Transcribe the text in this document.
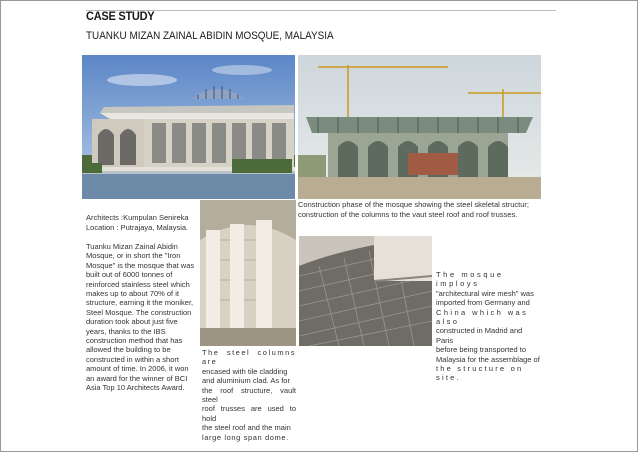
CASE STUDY
TUANKU MIZAN ZAINAL ABIDIN MOSQUE, MALAYSIA
Architects :Kumpulan Senireka
Location : Putrajaya, Malaysia.
Tuanku Mizan Zainal Abidin
Mosque, or in short the "Iron
Mosque" is the mosque that was
built out of 6000 tonnes of
reinforced stainless steel which
makes up to about 70% of it
structure, earning it the moniker,
Steel Mosque. The construction
duration took about just five
years, thanks to the IBS
construction method that has
allowed the building to be
constructed in within a short
amount of time. In 2006, it won
an award for the winner of BCI
Asia Top 10 Architects Award.
Construction phase of the mosque showing the steel skeletal structur;
construction of the columns to the vaut steel roof and roof trusses.
The steel columns are
encased with tile cladding
and aluminium clad. As for
the roof structure, vault steel
roof trusses are used to hold
the steel roof and the main
large long span dome.
The mosque imploys
"architectural wire mesh" was
imported from Germany and
China which was also
constructed in Madrid and Paris
before being transported to
Malaysia for the assemblage of
the structure on site.
